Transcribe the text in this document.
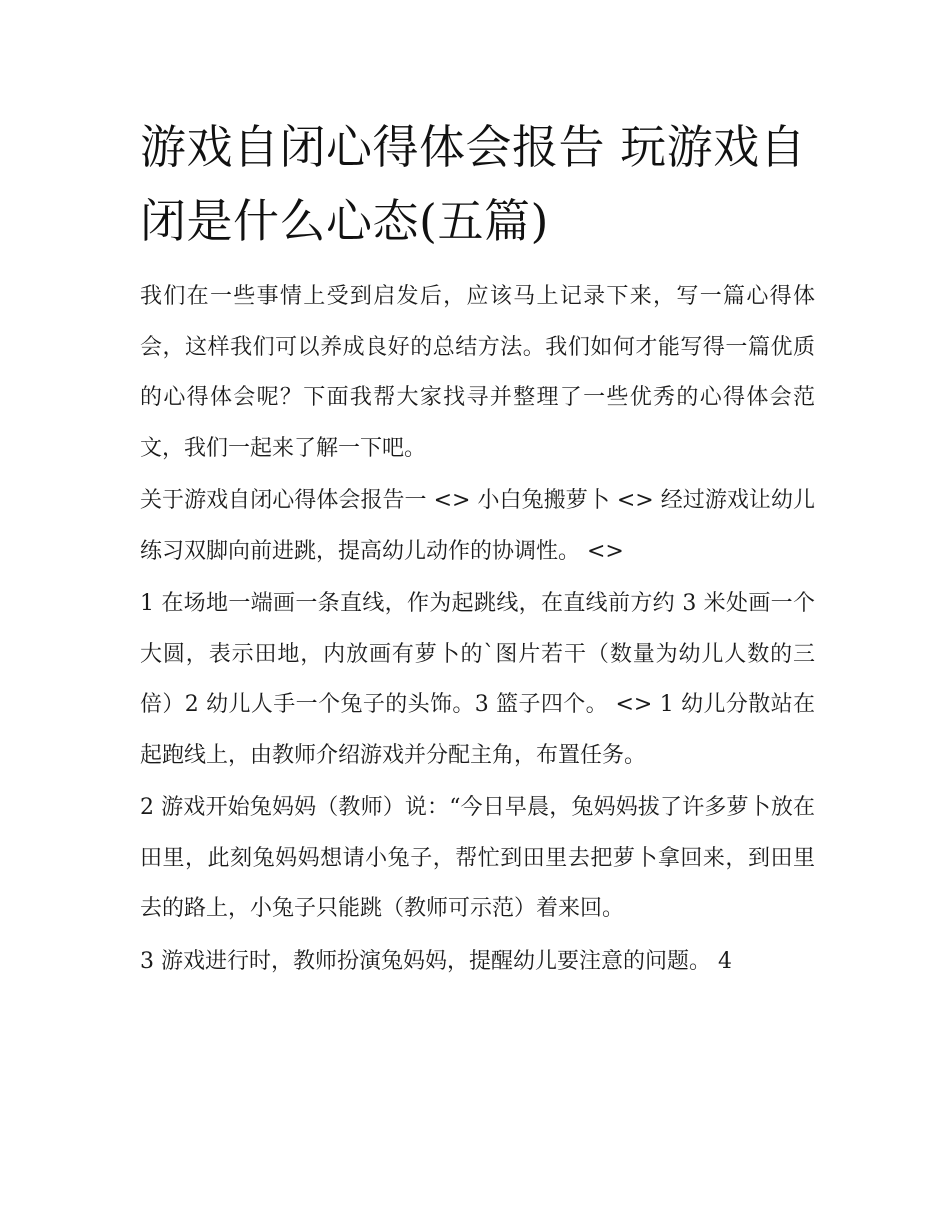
游戏自闭心得体会报告 玩游戏自闭是什么心态(五篇)

我们在一些事情上受到启发后，应该马上记录下来，写一篇心得体会，这样我们可以养成良好的总结方法。我们如何才能写得一篇优质的心得体会呢？下面我帮大家找寻并整理了一些优秀的心得体会范文，我们一起来了解一下吧。

关于游戏自闭心得体会报告一 <> 小白兔搬萝卜 <> 经过游戏让幼儿练习双脚向前进跳，提高幼儿动作的协调性。 <>

1 在场地一端画一条直线，作为起跳线，在直线前方约 3 米处画一个大圆，表示田地，内放画有萝卜的`图片若干（数量为幼儿人数的三倍）2 幼儿人手一个兔子的头饰。3 篮子四个。 <> 1 幼儿分散站在起跑线上，由教师介绍游戏并分配主角，布置任务。

2 游戏开始兔妈妈（教师）说：“今日早晨，兔妈妈拔了许多萝卜放在田里，此刻兔妈妈想请小兔子，帮忙到田里去把萝卜拿回来，到田里去的路上，小兔子只能跳（教师可示范）着来回。

3 游戏进行时，教师扮演兔妈妈，提醒幼儿要注意的问题。 4
